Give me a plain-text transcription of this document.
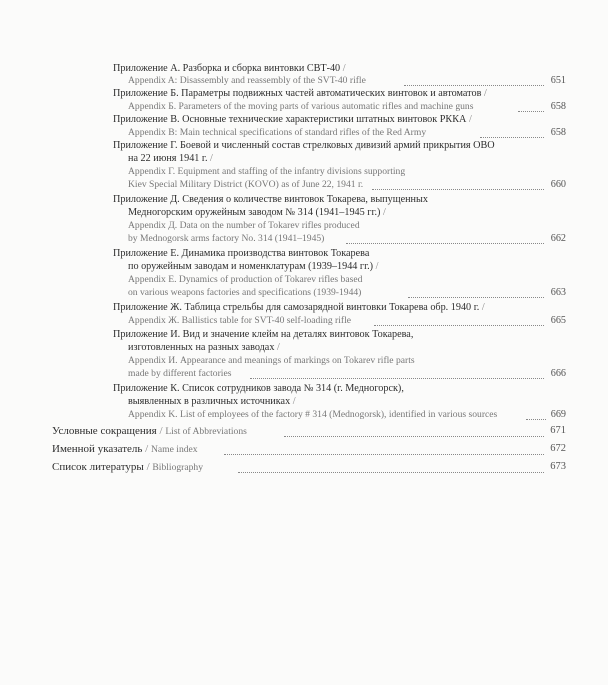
Приложение А. Разборка и сборка винтовки СВТ-40 /
Appendix A: Disassembly and reassembly of the SVT-40 rifle	651
Приложение Б. Параметры подвижных частей автоматических винтовок и автоматов /
Appendix Б. Parameters of the moving parts of various automatic rifles and machine guns	658
Приложение В. Основные технические характеристики штатных винтовок РККА /
Appendix B: Main technical specifications of standard rifles of the Red Army	658
Приложение Г. Боевой и численный состав стрелковых дивизий армий прикрытия ОВО
на 22 июня 1941 г. /
Appendix Г. Equipment and staffing of the infantry divisions supporting
Kiev Special Military District (KOVO) as of June 22, 1941 г.	660
Приложение Д. Сведения о количестве винтовок Токарева, выпущенных
Медногорским оружейным заводом № 314 (1941–1945 гг.) /
Appendix Д. Data on the number of Tokarev rifles produced
by Mednogorsk arms factory No. 314 (1941–1945)	662
Приложение Е. Динамика производства винтовок Токарева
по оружейным заводам и номенклатурам (1939–1944 гг.) /
Appendix E. Dynamics of production of Tokarev rifles based
on various weapons factories and specifications (1939-1944)	663
Приложение Ж. Таблица стрельбы для самозарядной винтовки Токарева обр. 1940 г. /
Appendix Ж. Ballistics table for SVT-40 self-loading rifle	665
Приложение И. Вид и значение клейм на деталях винтовок Токарева,
изготовленных на разных заводах /
Appendix И. Appearance and meanings of markings on Tokarev rifle parts
made by different factories	666
Приложение К. Список сотрудников завода № 314 (г. Медногорск),
выявленных в различных источниках /
Appendix K. List of employees of the factory # 314 (Mednogorsk), identified in various sources	669
Условные сокращения / List of Abbreviations	671
Именной указатель / Name index	672
Список литературы / Bibliography	673
